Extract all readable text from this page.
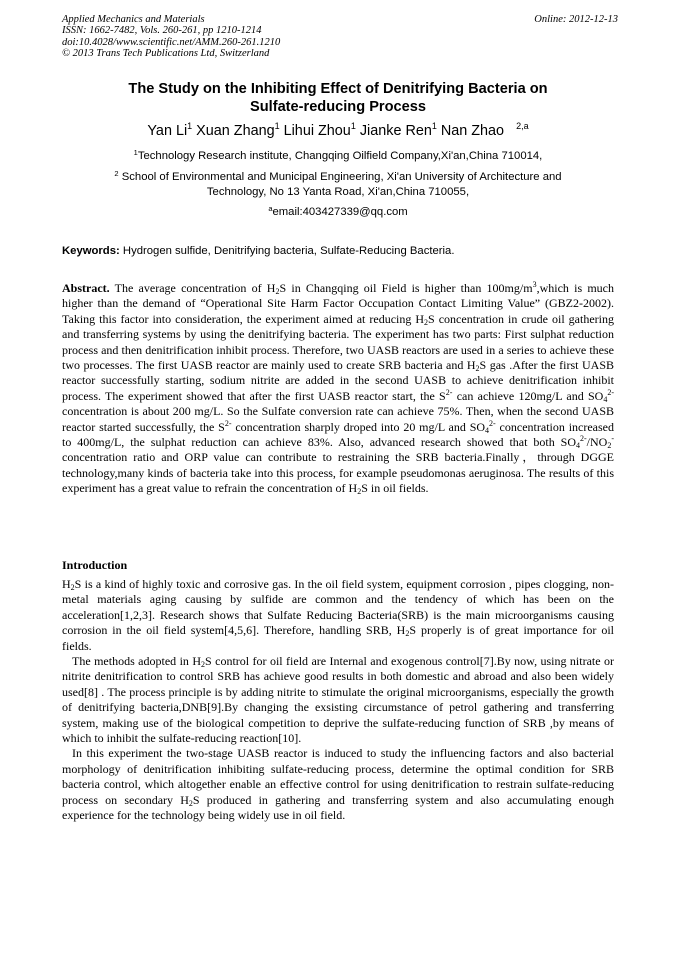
Applied Mechanics and Materials
ISSN: 1662-7482, Vols. 260-261, pp 1210-1214
doi:10.4028/www.scientific.net/AMM.260-261.1210
© 2013 Trans Tech Publications Ltd, Switzerland
Online: 2012-12-13
The Study on the Inhibiting Effect of Denitrifying Bacteria on
Sulfate-reducing Process
Yan Li$^1$ Xuan Zhang$^1$ Lihui Zhou$^1$ Jianke Ren$^1$ Nan Zhao $^{2,a}$
$^1$Technology Research institute, Changqing Oilfield Company,Xi'an,China 710014,
$^2$ School of Environmental and Municipal Engineering, Xi'an University of Architecture and
Technology, No 13 Yanta Road, Xi'an,China 710055,
$^a$email:403427339@qq.com
Keywords: Hydrogen sulfide, Denitrifying bacteria, Sulfate-Reducing Bacteria.
Abstract. The average concentration of $H_2S$ in Changqing oil Field is higher than $100mg/m^3,which$ is much higher than the demand of “Operational Site Harm Factor Occupation Contact Limiting Value” (GBZ2-2002). Taking this factor into consideration, the experiment aimed at reducing $H_2S$ concentration in crude oil gathering and transferring systems by using the denitrifying bacteria. The experiment has two parts: First sulphat reduction process and then denitrification inhibit process. Therefore, two UASB reactors are used in a series to achieve these two processes. The first UASB reactor are mainly used to create SRB bacteria and $H_2S$ gas .After the first UASB reactor successfully starting, sodium nitrite are added in the second UASB to achieve denitrification inhibit process. The experiment showed that after the first UASB reactor start, the $S^{2-}$ can achieve 120mg/L and $SO_4^{2-}$ concentration is about 200 mg/L. So the Sulfate conversion rate can achieve 75%. Then, when the second UASB reactor started successfully, the $S^{2-}$ concentration sharply droped into 20 mg/L and $SO_4^{2-}$ concentration increased to 400mg/L, the sulphat reduction can achieve 83%. Also, advanced research showed that both $SO_4^{2-}/NO_2^-concentration$ ratio and ORP value can contribute to restraining the SRB bacteria.Finally，through DGGE technology,many kinds of bacteria take into this process, for example pseudomonas aeruginosa. The results of this experiment has a great value to refrain the concentration of $H_2S$ in oil fields.
Introduction

$H_2S$ is a kind of highly toxic and corrosive gas. In the oil field system, equipment corrosion , pipes clogging, non-metal materials aging causing by sulfide are common and the tendency of which has been on the acceleration[1,2,3]. Research shows that Sulfate Reducing Bacteria(SRB) is the main microorganisms causing corrosion in the oil field system[4,5,6]. Therefore, handling SRB, $H_2S$ properly is of great importance for oil fields.

The methods adopted in $H_2S$ control for oil field are Internal and exogenous control[7].By now, using nitrate or nitrite denitrification to control SRB has achieve good results in both domestic and abroad and also been widely used[8] . The process principle is by adding nitrite to stimulate the original microorganisms, especially the growth of denitrifying bacteria,DNB[9].By changing the exsisting circumstance of petrol gathering and transferring system, making use of the biological competition to deprive the sulfate-reducing function of SRB ,by means of which to inhibit the sulfate-reducing reaction[10].

In this experiment the two-stage UASB reactor is induced to study the influencing factors and also bacterial morphology of denitrification inhibiting sulfate-reducing process, determine the optimal condition for SRB bacteria control, which altogether enable an effective control for using denitrification to restrain sulfate-reducing process on secondary $H_2S$ produced in gathering and transferring system and also accumulating enough experience for the technology being widely use in oil field.
